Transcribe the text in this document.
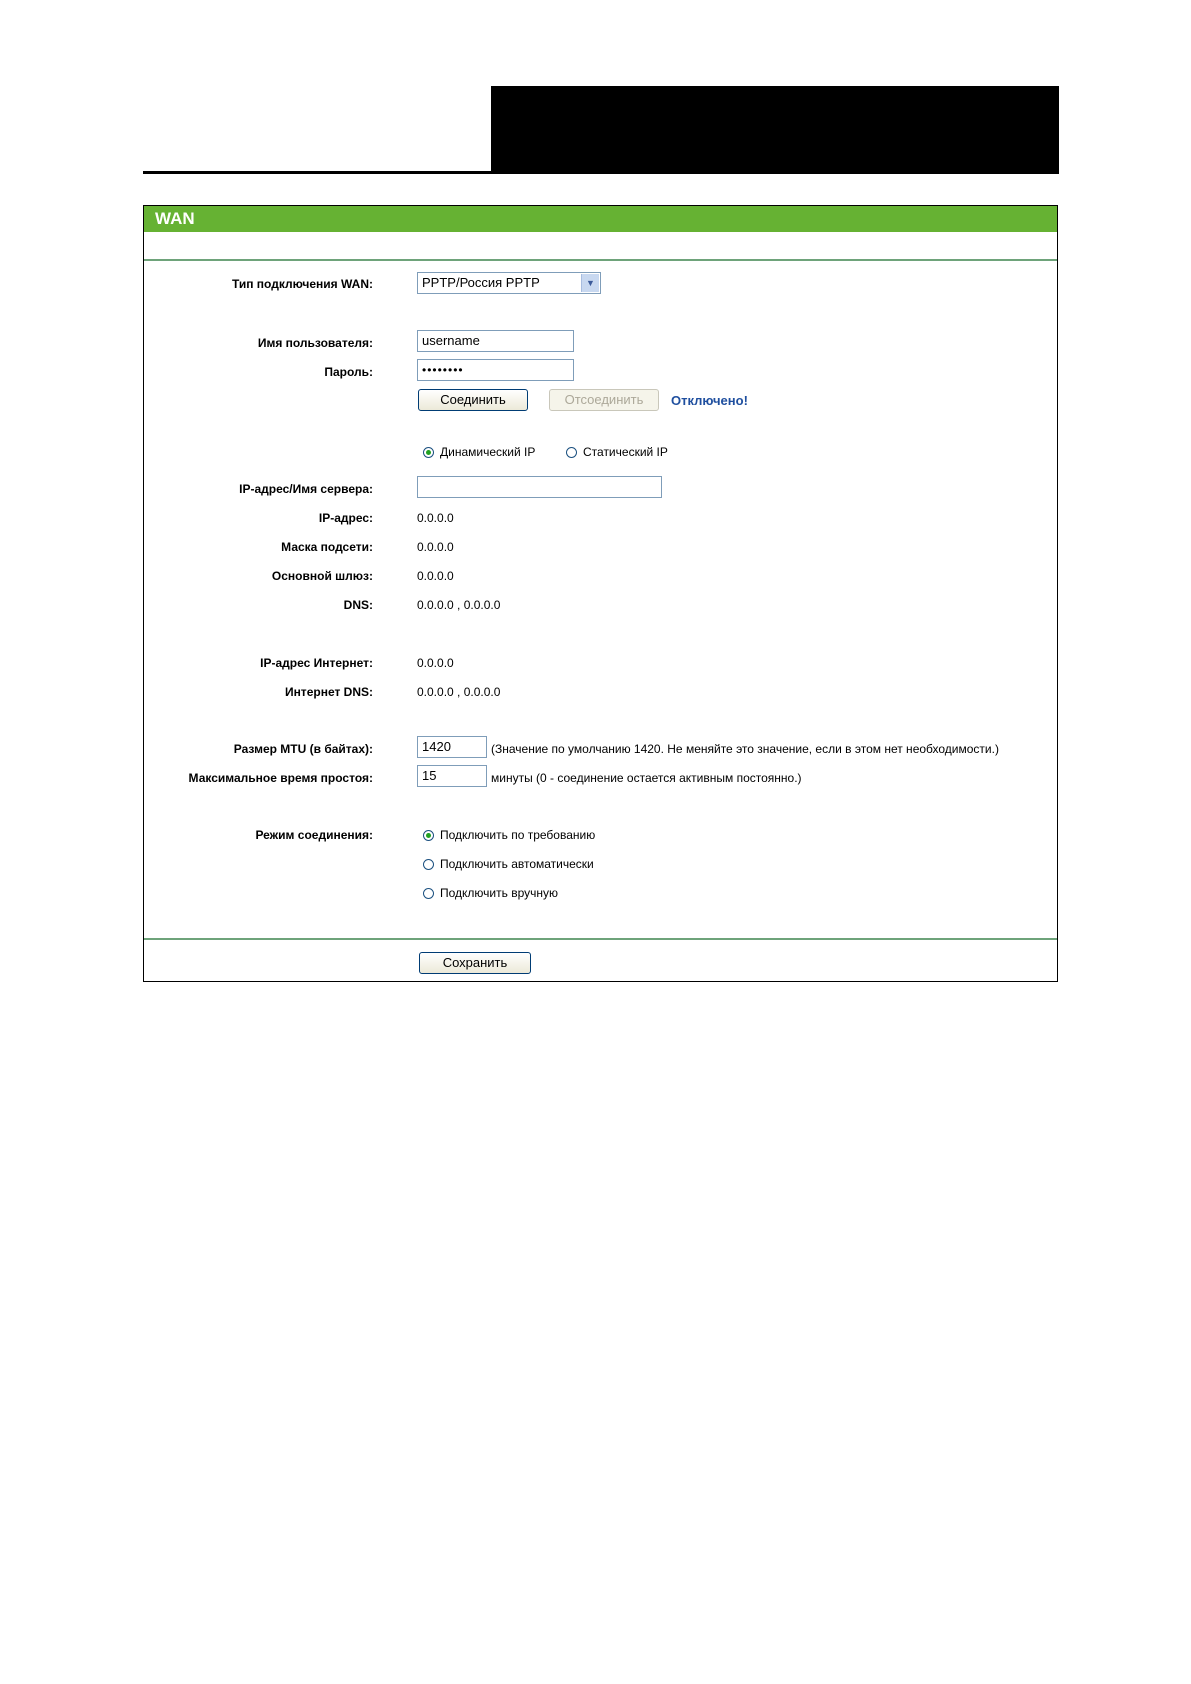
WAN
Тип подключения WAN:	PPTP/Россия PPTP	▼
Имя пользователя:	username
Пароль:	••••••••
Соединить	Отсоединить	Отключено!
Динамический IP	Статический IP
IP-адрес/Имя сервера:
IP-адрес:	0.0.0.0
Маска подсети:	0.0.0.0
Основной шлюз:	0.0.0.0
DNS:	0.0.0.0 , 0.0.0.0
IP-адрес Интернет:	0.0.0.0
Интернет DNS:	0.0.0.0 , 0.0.0.0
Размер MTU (в байтах):	1420	(Значение по умолчанию 1420. Не меняйте это значение, если в этом нет необходимости.)
Максимальное время простоя:	15	минуты (0 - соединение остается активным постоянно.)
Режим соединения:	Подключить по требованию
Подключить автоматически
Подключить вручную
Сохранить
